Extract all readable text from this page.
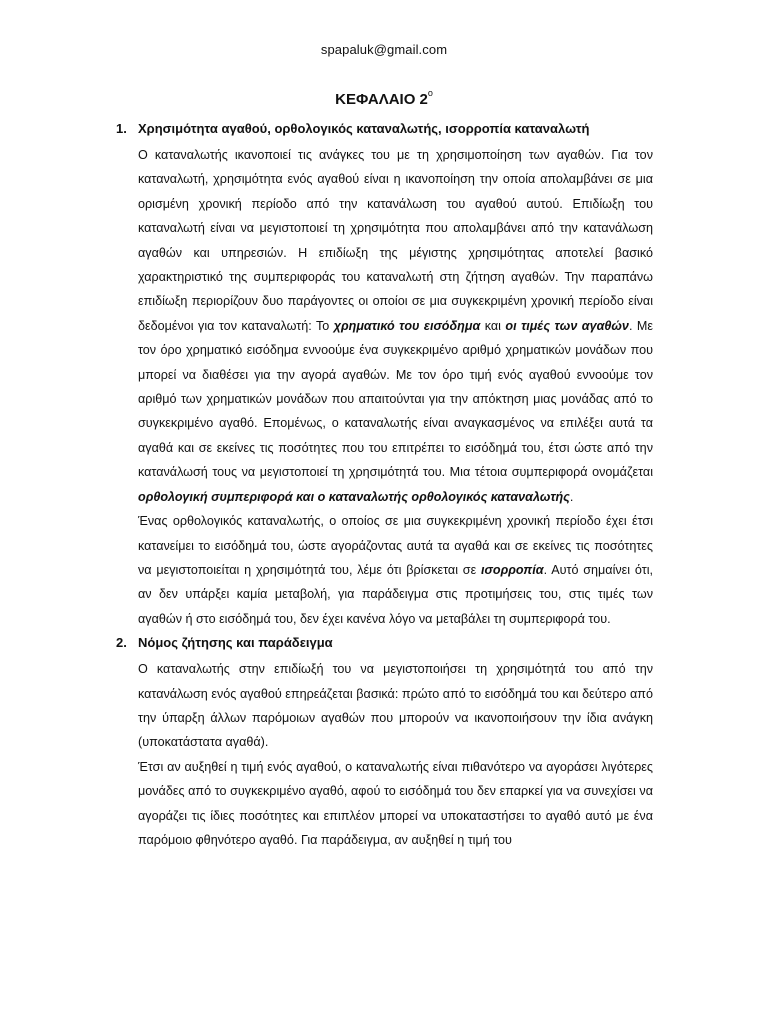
spapaluk@gmail.com
ΚΕΦΑΛΑΙΟ $2^o$
1. Χρησιμότητα αγαθού, ορθολογικός καταναλωτής, ισορροπία καταναλωτή
Ο καταναλωτής ικανοποιεί τις ανάγκες του με τη χρησιμοποίηση των αγαθών. Για τον καταναλωτή, χρησιμότητα ενός αγαθού είναι η ικανοποίηση την οποία απολαμβάνει σε μια ορισμένη χρονική περίοδο από την κατανάλωση του αγαθού αυτού. Επιδίωξη του καταναλωτή είναι να μεγιστοποιεί τη χρησιμότητα που απολαμβάνει από την κατανάλωση αγαθών και υπηρεσιών. Η επιδίωξη της μέγιστης χρησιμότητας αποτελεί βασικό χαρακτηριστικό της συμπεριφοράς του καταναλωτή στη ζήτηση αγαθών. Την παραπάνω επιδίωξη περιορίζουν δυο παράγοντες οι οποίοι σε μια συγκεκριμένη χρονική περίοδο είναι δεδομένοι για τον καταναλωτή: Το χρηματικό του εισόδημα και οι τιμές των αγαθών. Με τον όρο χρηματικό εισόδημα εννοούμε ένα συγκεκριμένο αριθμό χρηματικών μονάδων που μπορεί να διαθέσει για την αγορά αγαθών. Με τον όρο τιμή ενός αγαθού εννοούμε τον αριθμό των χρηματικών μονάδων που απαιτούνται για την απόκτηση μιας μονάδας από το συγκεκριμένο αγαθό. Επομένως, ο καταναλωτής είναι αναγκασμένος να επιλέξει αυτά τα αγαθά και σε εκείνες τις ποσότητες που του επιτρέπει το εισόδημά του, έτσι ώστε από την κατανάλωσή τους να μεγιστοποιεί τη χρησιμότητά του. Μια τέτοια συμπεριφορά ονομάζεται ορθολογική συμπεριφορά και ο καταναλωτής ορθολογικός καταναλωτής.
Ένας ορθολογικός καταναλωτής, ο οποίος σε μια συγκεκριμένη χρονική περίοδο έχει έτσι κατανείμει το εισόδημά του, ώστε αγοράζοντας αυτά τα αγαθά και σε εκείνες τις ποσότητες να μεγιστοποιείται η χρησιμότητά του, λέμε ότι βρίσκεται σε ισορροπία. Αυτό σημαίνει ότι, αν δεν υπάρξει καμία μεταβολή, για παράδειγμα στις προτιμήσεις του, στις τιμές των αγαθών ή στο εισόδημά του, δεν έχει κανένα λόγο να μεταβάλει τη συμπεριφορά του.
2. Νόμος ζήτησης και παράδειγμα
Ο καταναλωτής στην επιδίωξή του να μεγιστοποιήσει τη χρησιμότητά του από την κατανάλωση ενός αγαθού επηρεάζεται βασικά: πρώτο από το εισόδημά του και δεύτερο από την ύπαρξη άλλων παρόμοιων αγαθών που μπορούν να ικανοποιήσουν την ίδια ανάγκη (υποκατάστατα αγαθά).
Έτσι αν αυξηθεί η τιμή ενός αγαθού, ο καταναλωτής είναι πιθανότερο να αγοράσει λιγότερες μονάδες από το συγκεκριμένο αγαθό, αφού το εισόδημά του δεν επαρκεί για να συνεχίσει να αγοράζει τις ίδιες ποσότητες και επιπλέον μπορεί να υποκαταστήσει το αγαθό αυτό με ένα παρόμοιο φθηνότερο αγαθό. Για παράδειγμα, αν αυξηθεί η τιμή του
